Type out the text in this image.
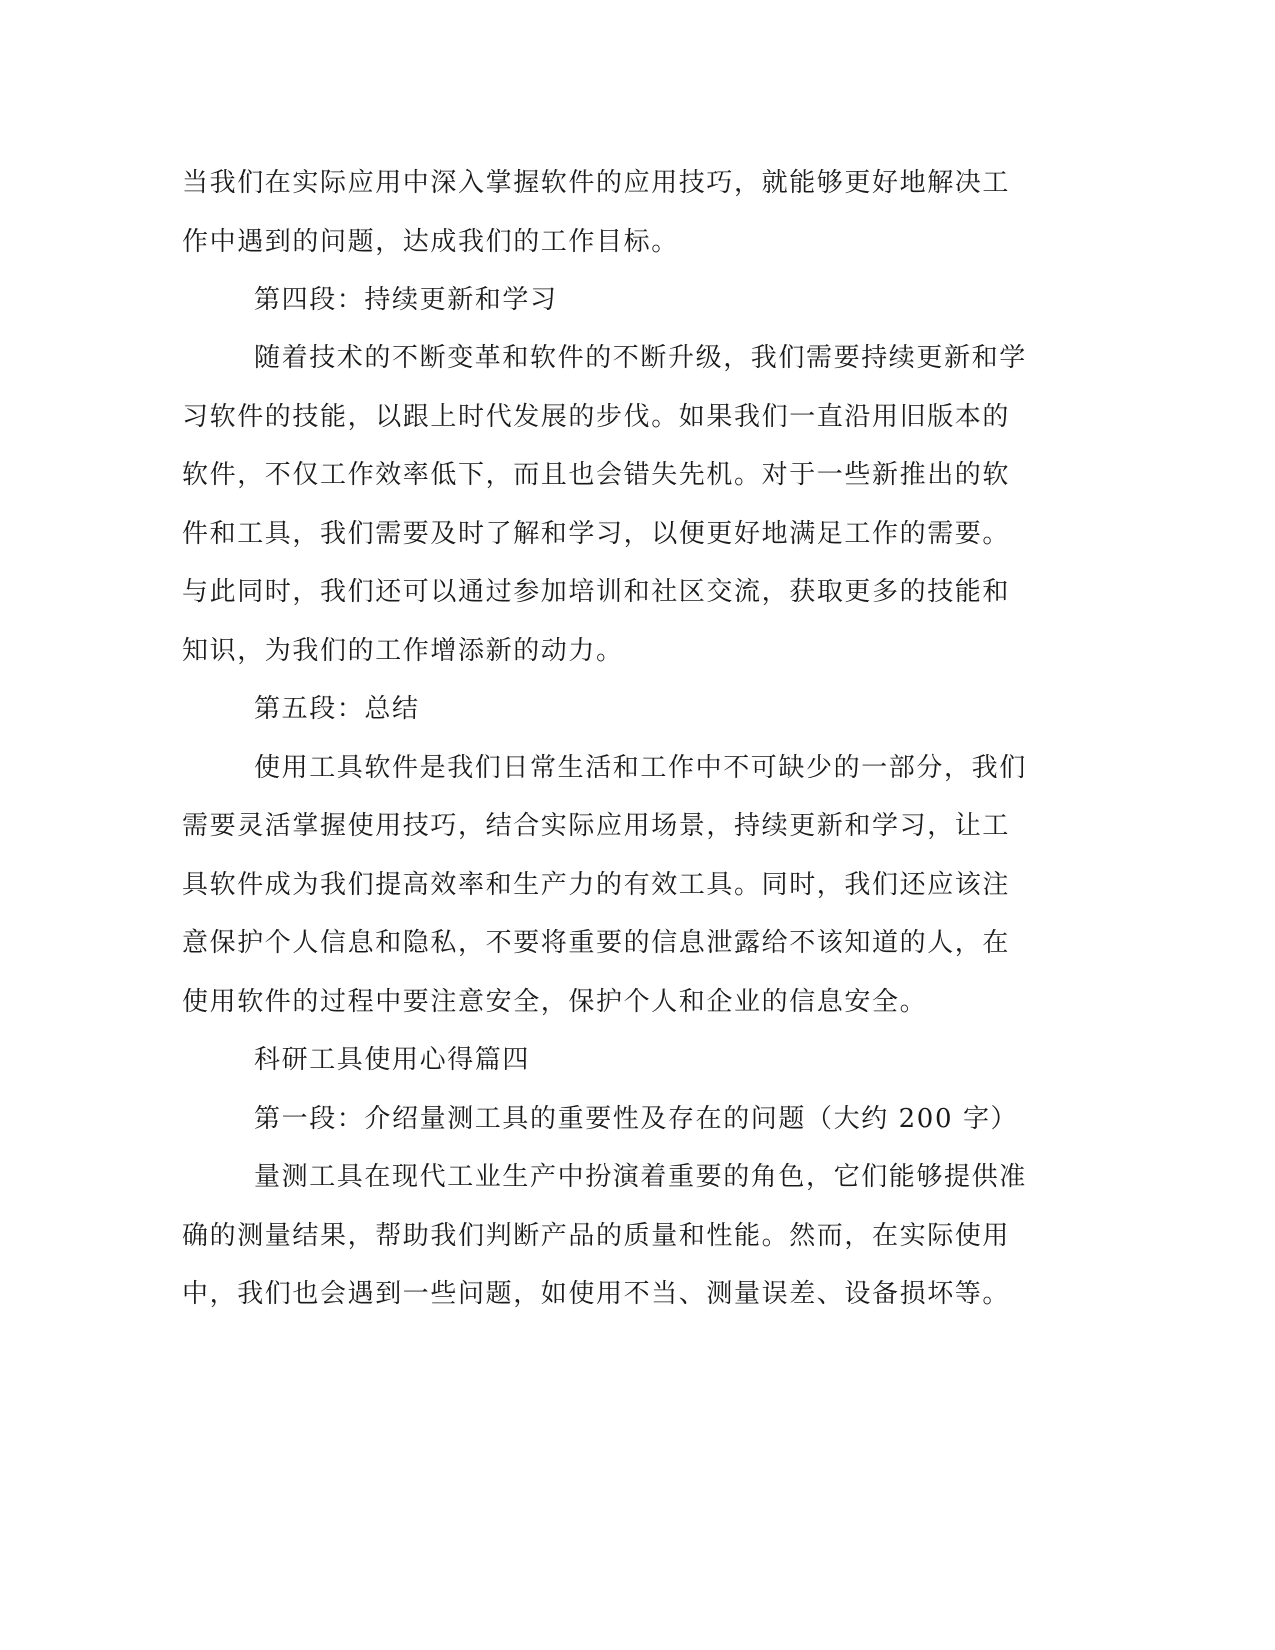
当我们在实际应用中深入掌握软件的应用技巧，就能够更好地解决工
作中遇到的问题，达成我们的工作目标。
第四段：持续更新和学习
随着技术的不断变革和软件的不断升级，我们需要持续更新和学
习软件的技能，以跟上时代发展的步伐。如果我们一直沿用旧版本的
软件，不仅工作效率低下，而且也会错失先机。对于一些新推出的软
件和工具，我们需要及时了解和学习，以便更好地满足工作的需要。
与此同时，我们还可以通过参加培训和社区交流，获取更多的技能和
知识，为我们的工作增添新的动力。
第五段：总结
使用工具软件是我们日常生活和工作中不可缺少的一部分，我们
需要灵活掌握使用技巧，结合实际应用场景，持续更新和学习，让工
具软件成为我们提高效率和生产力的有效工具。同时，我们还应该注
意保护个人信息和隐私，不要将重要的信息泄露给不该知道的人，在
使用软件的过程中要注意安全，保护个人和企业的信息安全。
科研工具使用心得篇四
第一段：介绍量测工具的重要性及存在的问题（大约 200 字）
量测工具在现代工业生产中扮演着重要的角色，它们能够提供准
确的测量结果，帮助我们判断产品的质量和性能。然而，在实际使用
中，我们也会遇到一些问题，如使用不当、测量误差、设备损坏等。
